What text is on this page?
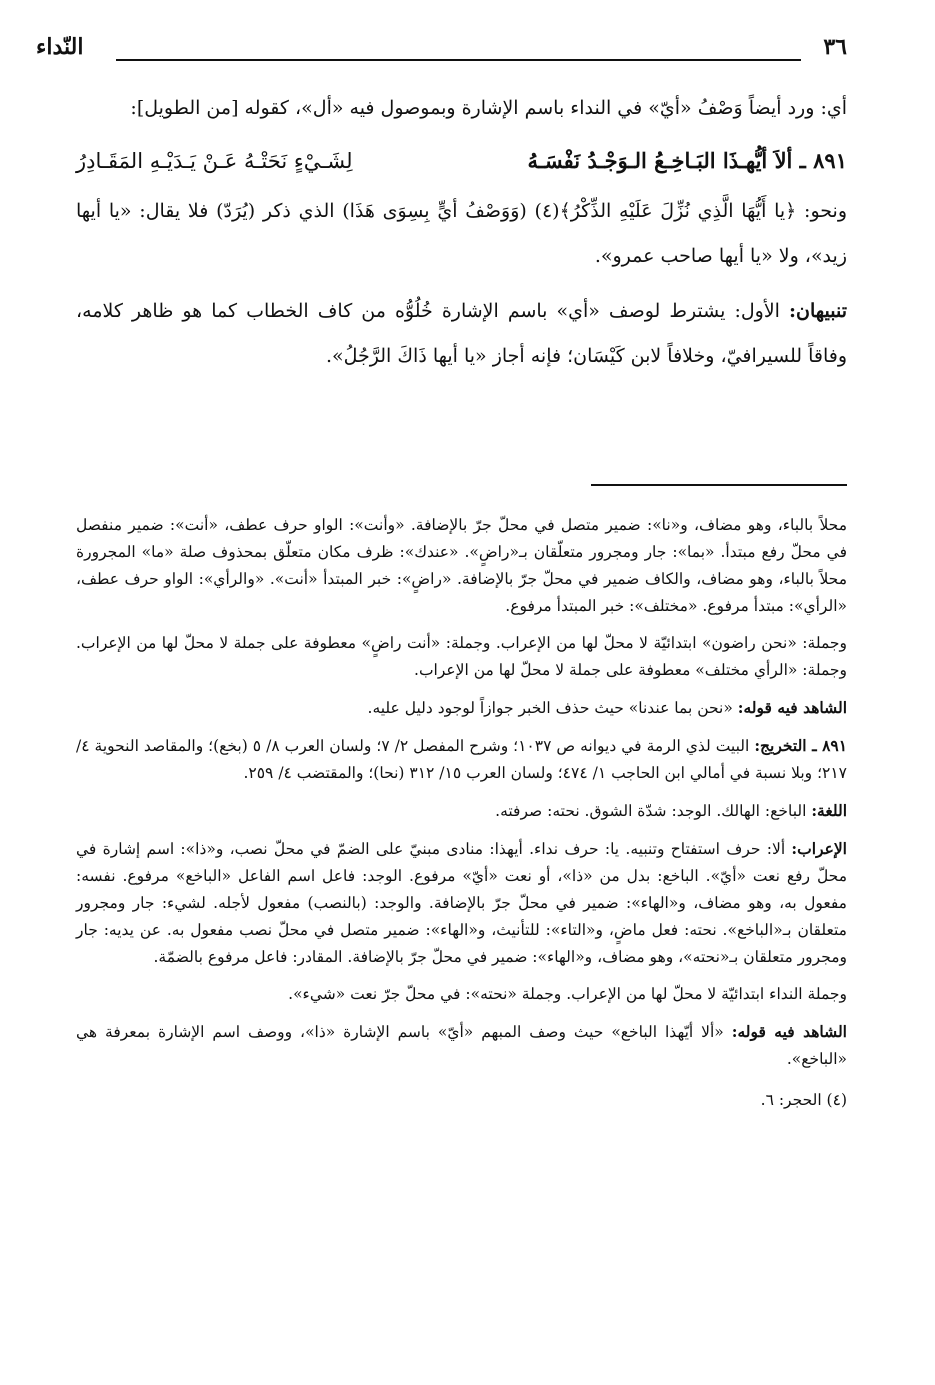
٣٦
النّداء

أي: ورد أيضاً وَصْفُ «أيّ» في النداء باسم الإشارة وبموصول فيه «أل»، كقوله [من الطويل]:

٨٩١ ـ ألاَ أيُّهـذَا البَـاخِـعُ الـوَجْـدُ نَفْسَـهُ
لِشَـيْءٍ نَحَتْـهُ عَـنْ يَـدَيْـهِ المَقَـادِرُ

ونحو: ﴿يا أَيُّهَا الَّذِي نُزِّلَ عَلَيْهِ الذِّكْرُ﴾(٤) (وَوَصْفُ أيٍّ بِسِوَى هَذَا) الذي ذكر (يُرَدّ) فلا يقال: «يا أيها زيد»، ولا «يا أيها صاحب عمرو».

تنبيهان: الأول: يشترط لوصف «أي» باسم الإشارة خُلُوُّه من كاف الخطاب كما هو ظاهر كلامه، وفاقاً للسيرافيّ، وخلافاً لابن كَيْسَان؛ فإنه أجاز «يا أيها ذَاكَ الرَّجُلُ».

محلاً بالباء، وهو مضاف، و«نا»: ضمير متصل في محلّ جرّ بالإضافة. «وأنت»: الواو حرف عطف، «أنت»: ضمير منفصل في محلّ رفع مبتدأ. «بما»: جار ومجرور متعلّقان بـ«راضٍ». «عندك»: ظرف مكان متعلّق بمحذوف صلة «ما» المجرورة محلاً بالباء، وهو مضاف، والكاف ضمير في محلّ جرّ بالإضافة. «راضٍ»: خبر المبتدأ «أنت». «والرأي»: الواو حرف عطف، «الرأي»: مبتدأ مرفوع. «مختلف»: خبر المبتدأ مرفوع.

وجملة: «نحن راضون» ابتدائيّة لا محلّ لها من الإعراب. وجملة: «أنت راضٍ» معطوفة على جملة لا محلّ لها من الإعراب. وجملة: «الرأي مختلف» معطوفة على جملة لا محلّ لها من الإعراب.

الشاهد فيه قوله: «نحن بما عندنا» حيث حذف الخبر جوازاً لوجود دليل عليه.

٨٩١ ـ التخريج: البيت لذي الرمة في ديوانه ص ١٠٣٧؛ وشرح المفصل ٢/ ٧؛ ولسان العرب ٨/ ٥ (بخع)؛ والمقاصد النحوية ٤/ ٢١٧؛ وبلا نسبة في أمالي ابن الحاجب ١/ ٤٧٤؛ ولسان العرب ١٥/ ٣١٢ (نحا)؛ والمقتضب ٤/ ٢٥٩.

اللغة: الباخع: الهالك. الوجد: شدّة الشوق. نحته: صرفته.

الإعراب: ألا: حرف استفتاح وتنبيه. يا: حرف نداء. أيهذا: منادى مبنيّ على الضمّ في محلّ نصب، و«ذا»: اسم إشارة في محلّ رفع نعت «أيّ». الباخع: بدل من «ذا»، أو نعت «أيّ» مرفوع. الوجد: فاعل اسم الفاعل «الباخع» مرفوع. نفسه: مفعول به، وهو مضاف، و«الهاء»: ضمير في محلّ جرّ بالإضافة. والوجد: (بالنصب) مفعول لأجله. لشيء: جار ومجرور متعلقان بـ«الباخع». نحته: فعل ماضٍ، و«التاء»: للتأنيث، و«الهاء»: ضمير متصل في محلّ نصب مفعول به. عن يديه: جار ومجرور متعلقان بـ«نحته»، وهو مضاف، و«الهاء»: ضمير في محلّ جرّ بالإضافة. المقادر: فاعل مرفوع بالضمّة.

وجملة النداء ابتدائيّة لا محلّ لها من الإعراب. وجملة «نحته»: في محلّ جرّ نعت «شيء».

الشاهد فيه قوله: «ألا أيّهذا الباخع» حيث وصف المبهم «أيّ» باسم الإشارة «ذا»، ووصف اسم الإشارة بمعرفة هي «الباخع».

(٤) الحجر: ٦.
